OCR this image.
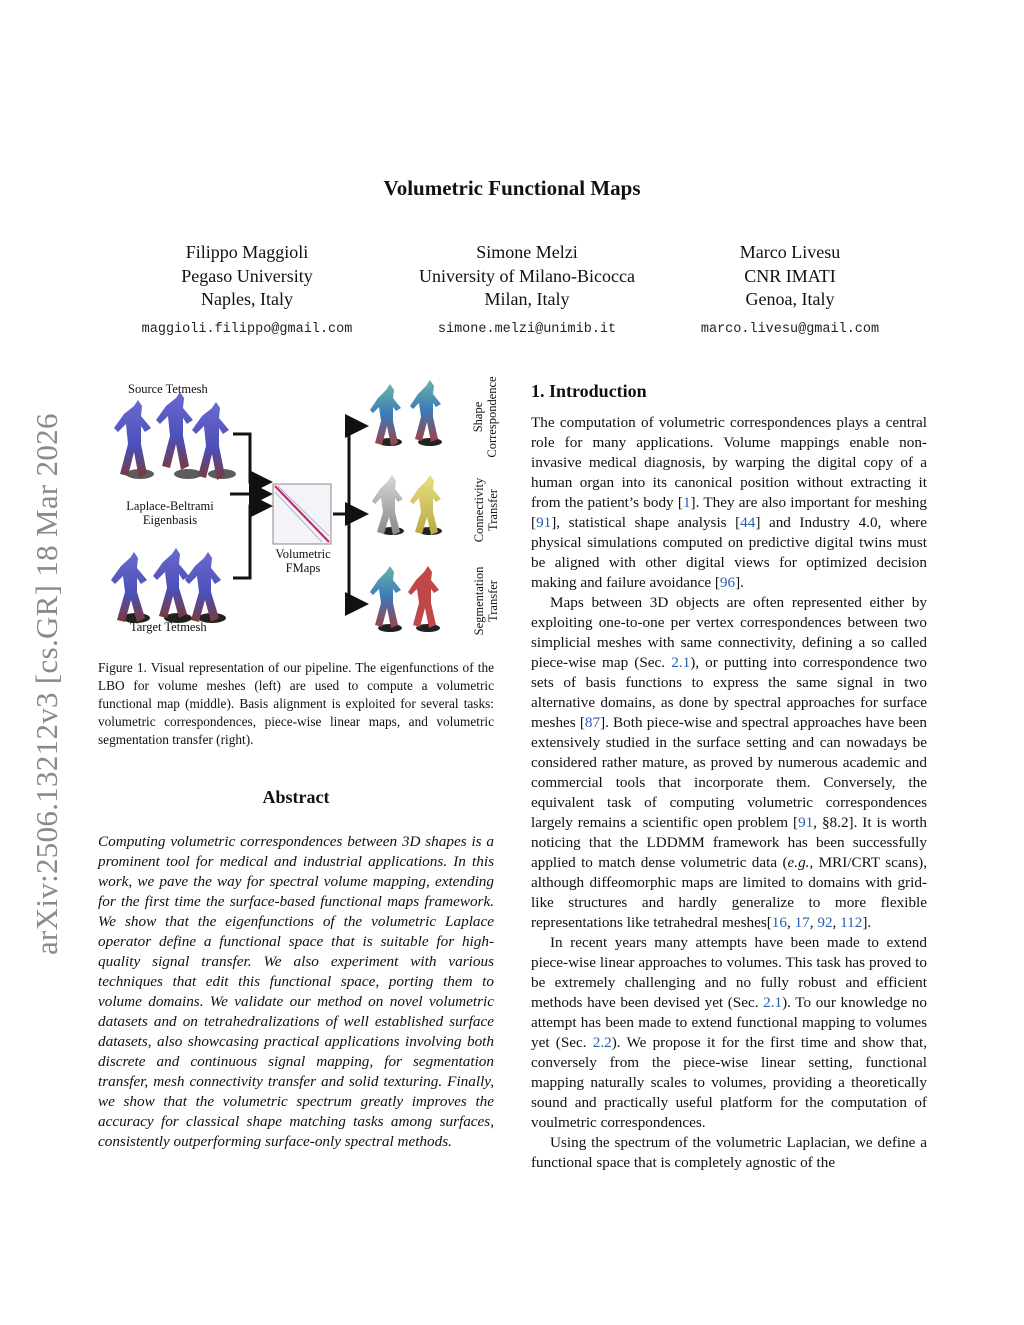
arXiv:2506.13212v3 [cs.GR] 18 Mar 2026
Volumetric Functional Maps
Filippo Maggioli
Pegaso University
Naples, Italy
maggioli.filippo@gmail.com
Simone Melzi
University of Milano-Bicocca
Milan, Italy
simone.melzi@unimib.it
Marco Livesu
CNR IMATI
Genoa, Italy
marco.livesu@gmail.com
Source Tetmesh
Laplace-Beltrami
Eigenbasis
Target Tetmesh
Volumetric
FMaps
Shape Correspondence
Connectivity Transfer
Segmentation Transfer
Figure 1. Visual representation of our pipeline. The eigenfunctions of the LBO for volume meshes (left) are used to compute a volumetric functional map (middle). Basis alignment is exploited for several tasks: volumetric correspondences, piece-wise linear maps, and volumetric segmentation transfer (right).
Abstract
Computing volumetric correspondences between 3D shapes is a prominent tool for medical and industrial applications. In this work, we pave the way for spectral volume mapping, extending for the first time the surface-based functional maps framework. We show that the eigenfunctions of the volumetric Laplace operator define a functional space that is suitable for high-quality signal transfer. We also experiment with various techniques that edit this functional space, porting them to volume domains. We validate our method on novel volumetric datasets and on tetrahedralizations of well established surface datasets, also showcasing practical applications involving both discrete and continuous signal mapping, for segmentation transfer, mesh connectivity transfer and solid texturing. Finally, we show that the volumetric spectrum greatly improves the accuracy for classical shape matching tasks among surfaces, consistently outperforming surface-only spectral methods.
1. Introduction

The computation of volumetric correspondences plays a central role for many applications. Volume mappings enable non-invasive medical diagnosis, by warping the digital copy of a human organ into its canonical position without extracting it from the patient’s body [1]. They are also important for meshing [91], statistical shape analysis [44] and Industry 4.0, where physical simulations computed on predictive digital twins must be aligned with other digital views for optimized decision making and failure avoidance [96].

Maps between 3D objects are often represented either by exploiting one-to-one per vertex correspondences between two simplicial meshes with same connectivity, defining a so called piece-wise map (Sec. 2.1), or putting into correspondence two sets of basis functions to express the same signal in two alternative domains, as done by spectral approaches for surface meshes [87]. Both piece-wise and spectral approaches have been extensively studied in the surface setting and can nowadays be considered rather mature, as proved by numerous academic and commercial tools that incorporate them. Conversely, the equivalent task of computing volumetric correspondences largely remains a scientific open problem [91, §8.2]. It is worth noticing that the LDDMM framework has been successfully applied to match dense volumetric data (e.g., MRI/CRT scans), although diffeomorphic maps are limited to domains with grid-like structures and hardly generalize to more flexible representations like tetrahedral meshes[16, 17, 92, 112].

In recent years many attempts have been made to extend piece-wise linear approaches to volumes. This task has proved to be extremely challenging and no fully robust and efficient methods have been devised yet (Sec. 2.1). To our knowledge no attempt has been made to extend functional mapping to volumes yet (Sec. 2.2). We propose it for the first time and show that, conversely from the piece-wise linear setting, functional mapping naturally scales to volumes, providing a theoretically sound and practically useful platform for the computation of voulmetric correspondences.

Using the spectrum of the volumetric Laplacian, we define a functional space that is completely agnostic of the
